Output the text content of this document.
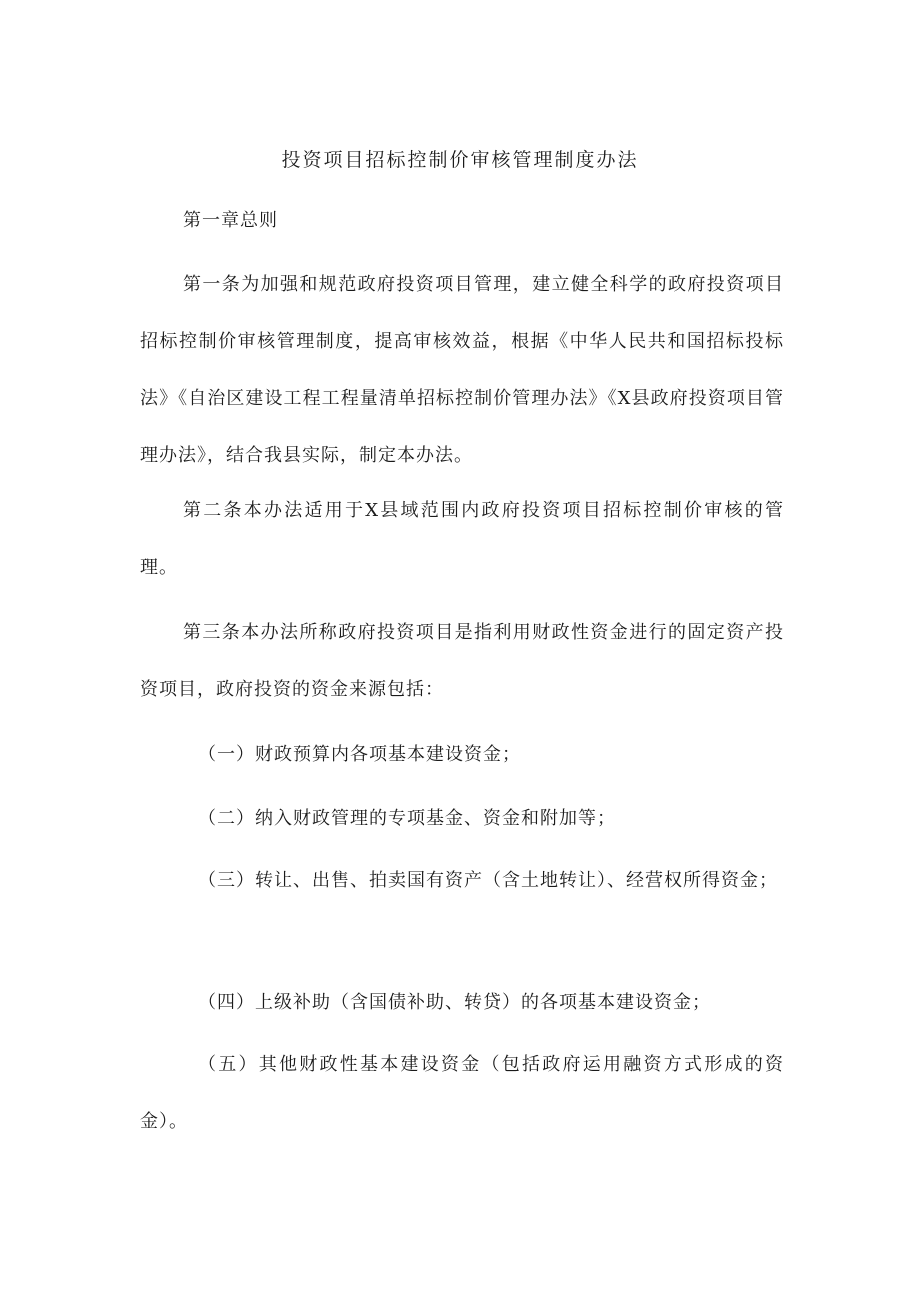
投资项目招标控制价审核管理制度办法
第一章总则
第一条为加强和规范政府投资项目管理，建立健全科学的政府投资项目招标控制价审核管理制度，提高审核效益，根据《中华人民共和国招标投标法》《自治区建设工程工程量清单招标控制价管理办法》《X县政府投资项目管理办法》，结合我县实际，制定本办法。
第二条本办法适用于X县域范围内政府投资项目招标控制价审核的管理。
第三条本办法所称政府投资项目是指利用财政性资金进行的固定资产投资项目，政府投资的资金来源包括：
（一）财政预算内各项基本建设资金；
（二）纳入财政管理的专项基金、资金和附加等；
（三）转让、出售、拍卖国有资产（含土地转让）、经营权所得资金；
（四）上级补助（含国债补助、转贷）的各项基本建设资金；
（五）其他财政性基本建设资金（包括政府运用融资方式形成的资金）。
